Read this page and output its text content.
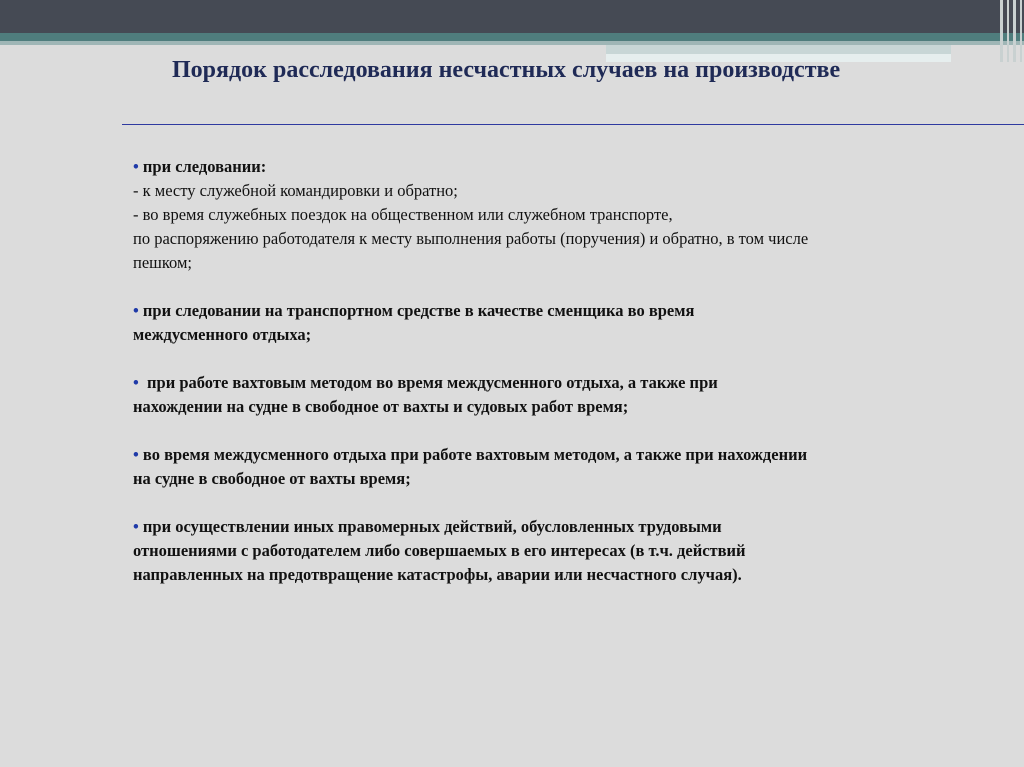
Порядок расследования несчастных случаев на производстве
• при следовании:
- к месту служебной командировки и обратно;
- во время служебных поездок на общественном или служебном транспорте,
по распоряжению работодателя к месту выполнения работы (поручения) и обратно, в том числе
пешком;
• при следовании на транспортном средстве в качестве сменщика во время
междусменного отдыха;
•  при работе вахтовым методом во время междусменного отдыха, а также при
нахождении на судне в свободное от вахты и судовых работ время;
• во время междусменного отдыха при работе вахтовым методом, а также при нахождении
на судне в свободное от вахты время;
• при осуществлении иных правомерных действий, обусловленных трудовыми
отношениями с работодателем либо совершаемых в его интересах (в т.ч. действий
направленных на предотвращение катастрофы, аварии или несчастного случая).
